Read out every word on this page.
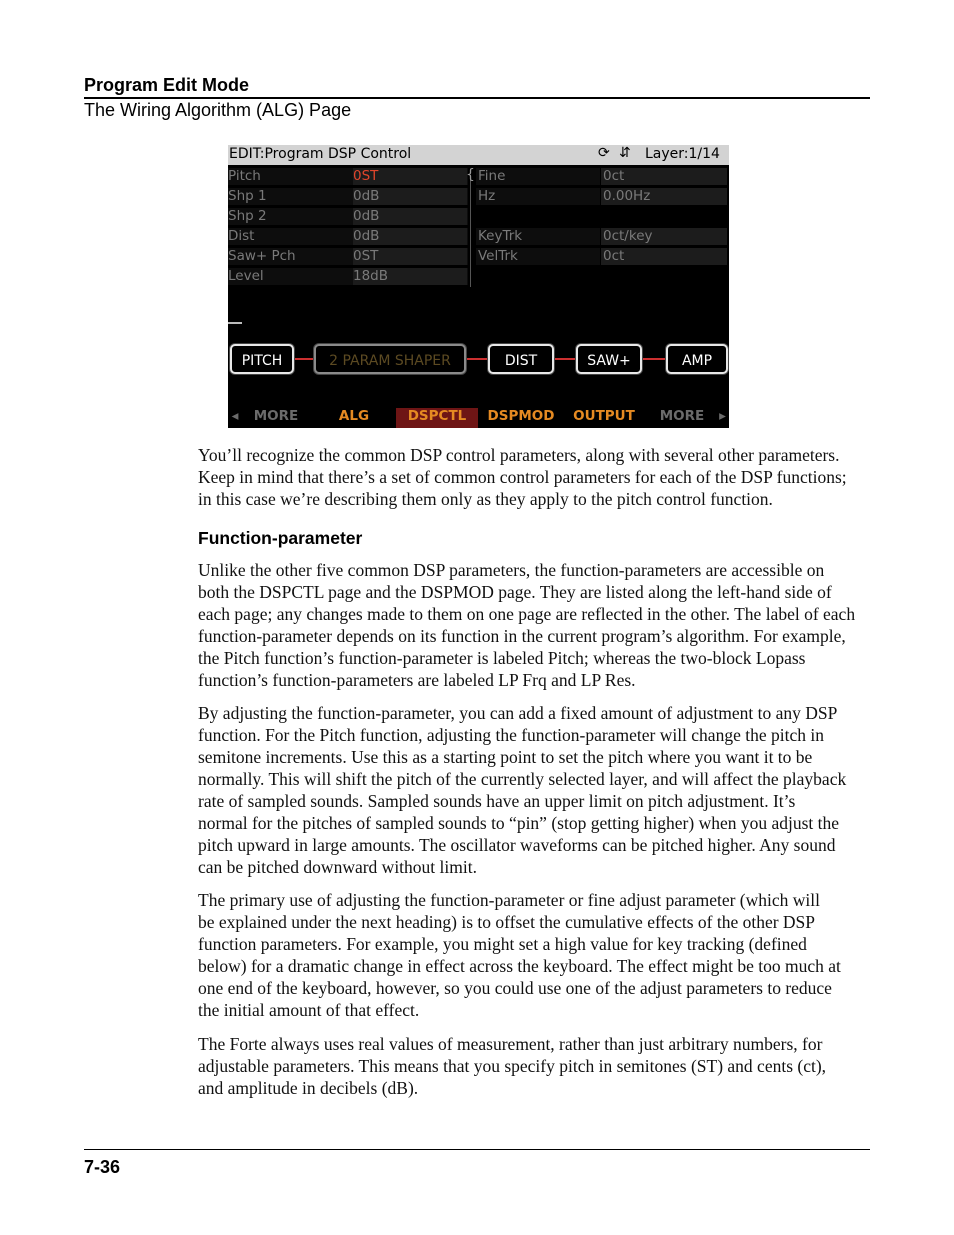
Program Edit Mode
The Wiring Algorithm (ALG) Page
EDIT:Program DSP Control	⟳ ⇵ Layer:1/14
Pitch	0ST	Fine	0ct
Shp 1	0dB	Hz	0.00Hz
Shp 2	0dB
Dist	0dB	KeyTrk	0ct/key
Saw+ Pch	0ST	VelTrk	0ct
Level	18dB
{
PITCH	2 PARAM SHAPER	DIST	SAW+	AMP
◂	MORE	ALG	DSPCTL	DSPMOD	OUTPUT	MORE	▸
You’ll recognize the common DSP control parameters, along with several other parameters.
Keep in mind that there’s a set of common control parameters for each of the DSP functions;
in this case we’re describing them only as they apply to the pitch control function.
Function-parameter
Unlike the other five common DSP parameters, the function-parameters are accessible on
both the DSPCTL page and the DSPMOD page. They are listed along the left-hand side of
each page; any changes made to them on one page are reflected in the other. The label of each
function-parameter depends on its function in the current program’s algorithm. For example,
the Pitch function’s function-parameter is labeled Pitch; whereas the two-block Lopass
function’s function-parameters are labeled LP Frq and LP Res.
By adjusting the function-parameter, you can add a fixed amount of adjustment to any DSP
function. For the Pitch function, adjusting the function-parameter will change the pitch in
semitone increments. Use this as a starting point to set the pitch where you want it to be
normally. This will shift the pitch of the currently selected layer, and will affect the playback
rate of sampled sounds. Sampled sounds have an upper limit on pitch adjustment. It’s
normal for the pitches of sampled sounds to “pin” (stop getting higher) when you adjust the
pitch upward in large amounts. The oscillator waveforms can be pitched higher. Any sound
can be pitched downward without limit.
The primary use of adjusting the function-parameter or fine adjust parameter (which will
be explained under the next heading) is to offset the cumulative effects of the other DSP
function parameters. For example, you might set a high value for key tracking (defined
below) for a dramatic change in effect across the keyboard. The effect might be too much at
one end of the keyboard, however, so you could use one of the adjust parameters to reduce
the initial amount of that effect.
The Forte always uses real values of measurement, rather than just arbitrary numbers, for
adjustable parameters. This means that you specify pitch in semitones (ST) and cents (ct),
and amplitude in decibels (dB).
7-36
